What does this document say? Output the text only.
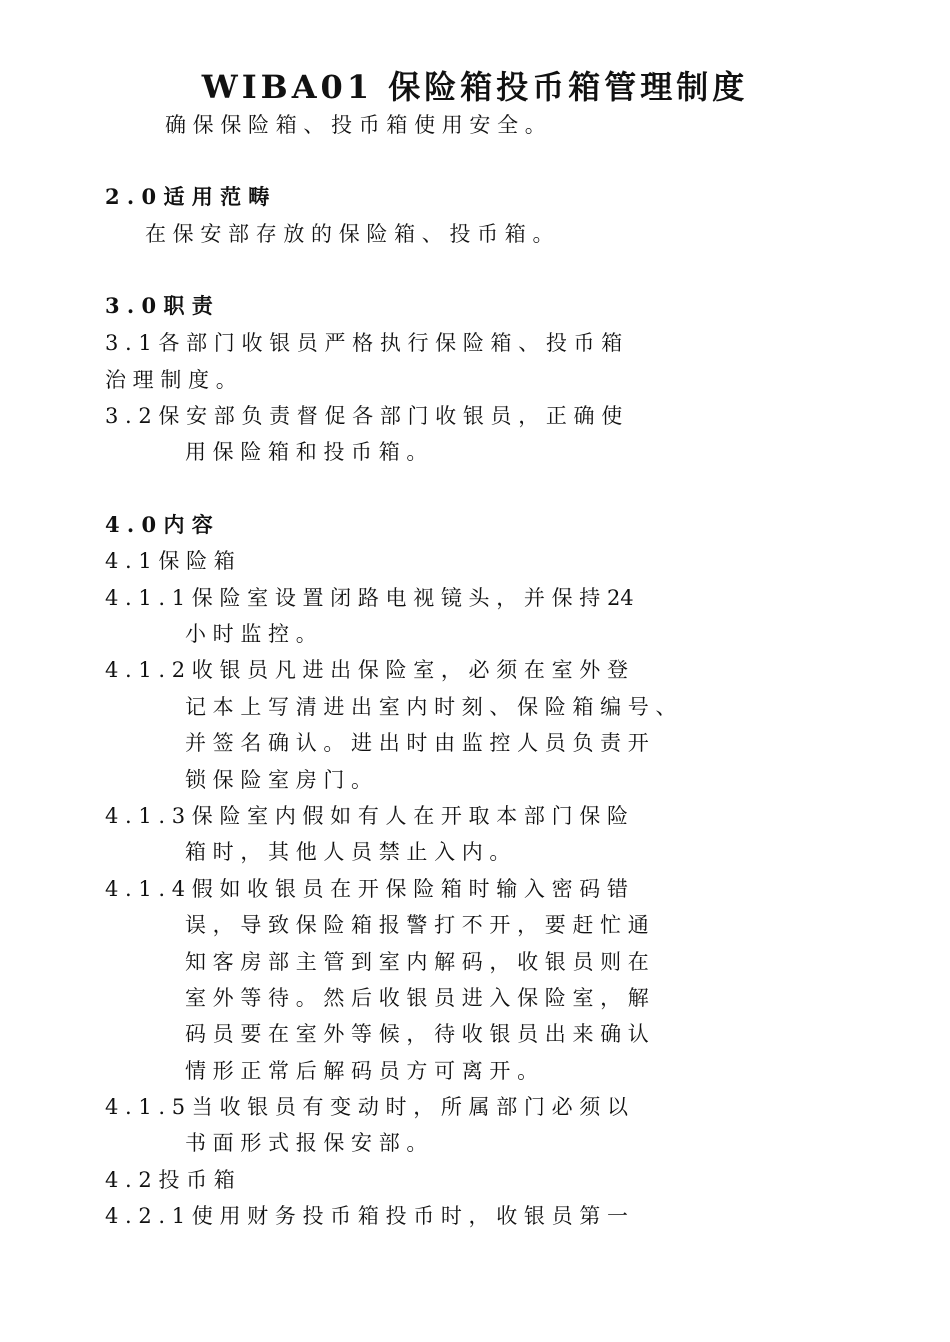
WIBA01 保险箱投币箱管理制度
确 保 保 险 箱 、 投 币 箱 使 用 安 全 。
2 . 0 适 用 范 畴
在 保 安 部 存 放 的 保 险 箱 、 投 币 箱 。
3 . 0 职 责
3 . 1 各 部 门 收 银 员 严 格 执 行 保 险 箱 、 投 币 箱
治 理 制 度 。
3 . 2 保 安 部 负 责 督 促 各 部 门 收 银 员 ， 正 确 使
用 保 险 箱 和 投 币 箱 。
4 . 0 内 容
4 . 1 保 险 箱
4 . 1 . 1 保 险 室 设 置 闭 路 电 视 镜 头 ， 并 保 持 24
小 时 监 控 。
4 . 1 . 2 收 银 员 凡 进 出 保 险 室 ， 必 须 在 室 外 登
记 本 上 写 清 进 出 室 内 时 刻 、 保 险 箱 编 号 、
并 签 名 确 认 。 进 出 时 由 监 控 人 员 负 责 开
锁 保 险 室 房 门 。
4 . 1 . 3 保 险 室 内 假 如 有 人 在 开 取 本 部 门 保 险
箱 时 ， 其 他 人 员 禁 止 入 内 。
4 . 1 . 4 假 如 收 银 员 在 开 保 险 箱 时 输 入 密 码 错
误 ， 导 致 保 险 箱 报 警 打 不 开 ， 要 赶 忙 通
知 客 房 部 主 管 到 室 内 解 码 ， 收 银 员 则 在
室 外 等 待 。 然 后 收 银 员 进 入 保 险 室 ， 解
码 员 要 在 室 外 等 候 ， 待 收 银 员 出 来 确 认
情 形 正 常 后 解 码 员 方 可 离 开 。
4 . 1 . 5 当 收 银 员 有 变 动 时 ， 所 属 部 门 必 须 以
书 面 形 式 报 保 安 部 。
4 . 2 投 币 箱
4 . 2 . 1 使 用 财 务 投 币 箱 投 币 时 ， 收 银 员 第 一
